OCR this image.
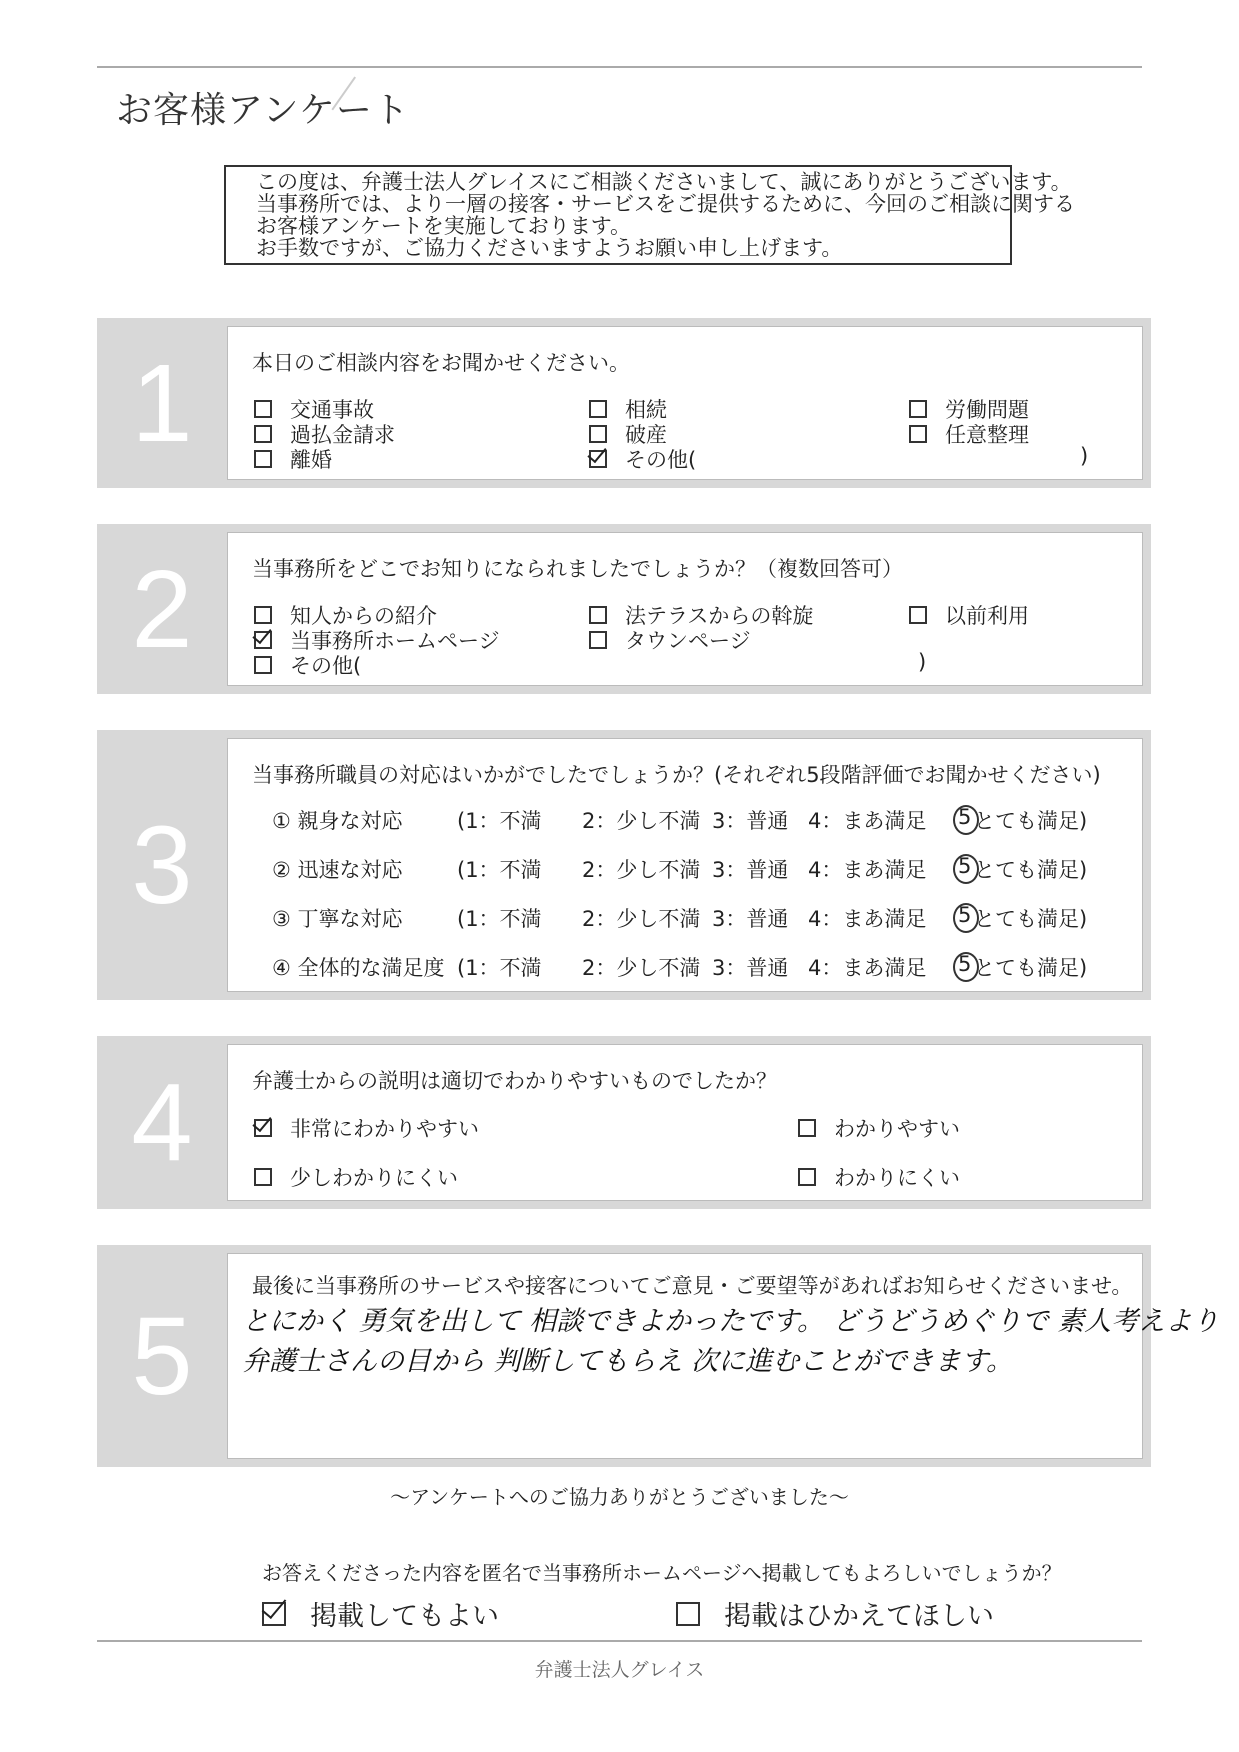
お客様アンケート
この度は、弁護士法人グレイスにご相談くださいまして、誠にありがとうございます。
当事務所では、より一層の接客・サービスをご提供するために、今回のご相談に関する
お客様アンケートを実施しております。
お手数ですが、ご協力くださいますようお願い申し上げます。
1	本日のご相談内容をお聞かせください。
交通事故	相続	労働問題
過払金請求	破産	任意整理
離婚	その他(	)
2	当事務所をどこでお知りになられましたでしょうか？（複数回答可）
知人からの紹介	法テラスからの斡旋	以前利用
当事務所ホームページ	タウンページ
その他(	)
3
当事務所職員の対応はいかがでしたでしょうか？(それぞれ5段階評価でお聞かせください)
① 親身な対応	(1：不満 2：少し不満 3：普通 4：まあ満足 5 とても満足)
② 迅速な対応	(1：不満 2：少し不満 3：普通 4：まあ満足 5 とても満足)
③ 丁寧な対応	(1：不満 2：少し不満 3：普通 4：まあ満足 5 とても満足)
④ 全体的な満足度 (1：不満 2：少し不満 3：普通 4：まあ満足 5 とても満足)
4	弁護士からの説明は適切でわかりやすいものでしたか？
非常にわかりやすい	わかりやすい
少しわかりにくい	わかりにくい
5
最後に当事務所のサービスや接客についてご意見・ご要望等があればお知らせくださいませ。
とにかく 勇気を出して 相談できよかったです。 どうどうめぐりで 素人考えより
弁護士さんの目から 判断してもらえ 次に進むことができます。
～アンケートへのご協力ありがとうございました～
お答えくださった内容を匿名で当事務所ホームページへ掲載してもよろしいでしょうか？
掲載してもよい	掲載はひかえてほしい
弁護士法人グレイス
